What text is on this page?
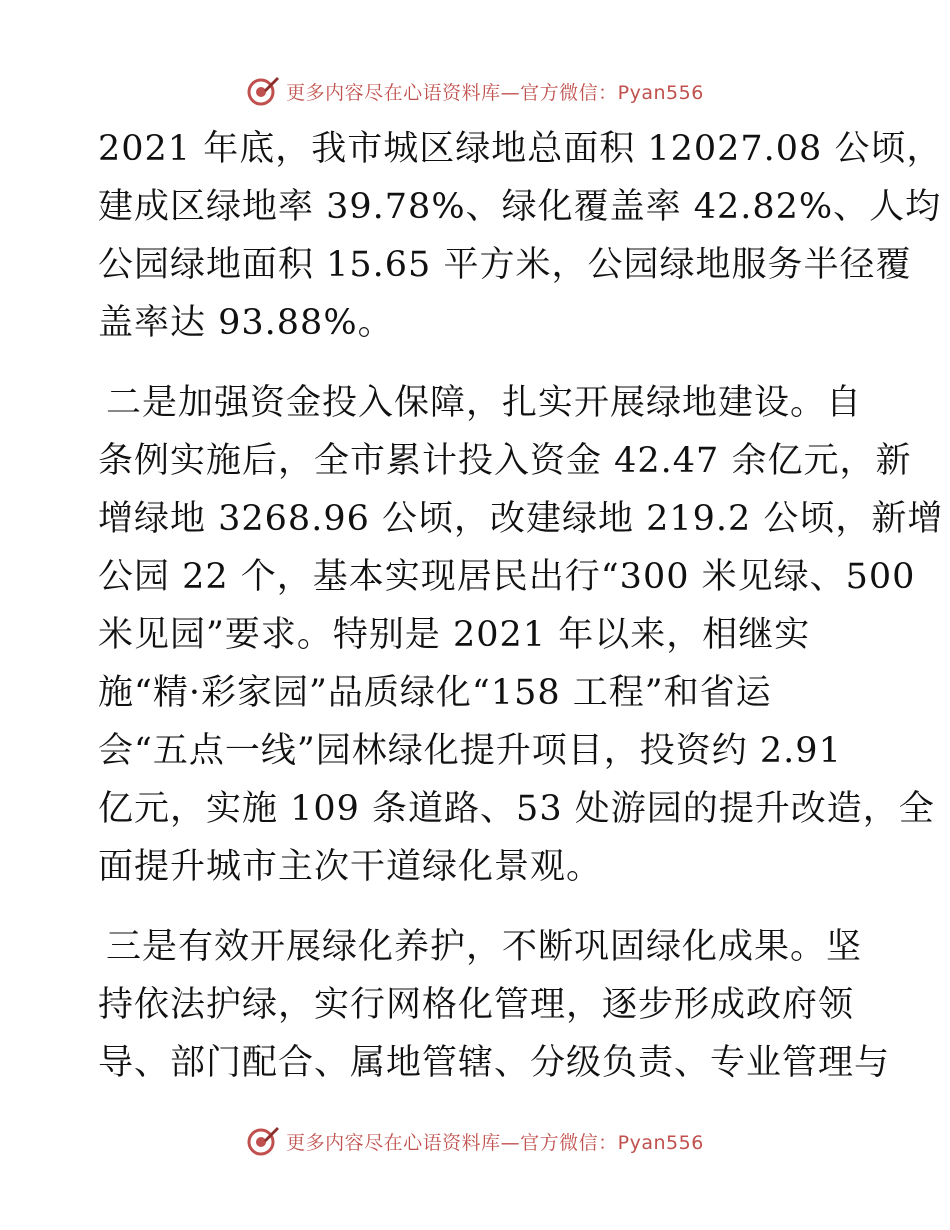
更多内容尽在心语资料库—官方微信：Pyan556
2021 年底，我市城区绿地总面积 12027.08 公顷，
建成区绿地率 39.78%、绿化覆盖率 42.82%、人均
公园绿地面积 15.65 平方米，公园绿地服务半径覆
盖率达 93.88%。
二是加强资金投入保障，扎实开展绿地建设。自
条例实施后，全市累计投入资金 42.47 余亿元，新
增绿地 3268.96 公顷，改建绿地 219.2 公顷，新增
公园 22 个，基本实现居民出行“300 米见绿、500
米见园”要求。特别是 2021 年以来，相继实
施“精·彩家园”品质绿化“158 工程”和省运
会“五点一线”园林绿化提升项目，投资约 2.91
亿元，实施 109 条道路、53 处游园的提升改造，全
面提升城市主次干道绿化景观。
三是有效开展绿化养护，不断巩固绿化成果。坚
持依法护绿，实行网格化管理，逐步形成政府领
导、部门配合、属地管辖、分级负责、专业管理与
更多内容尽在心语资料库—官方微信：Pyan556
